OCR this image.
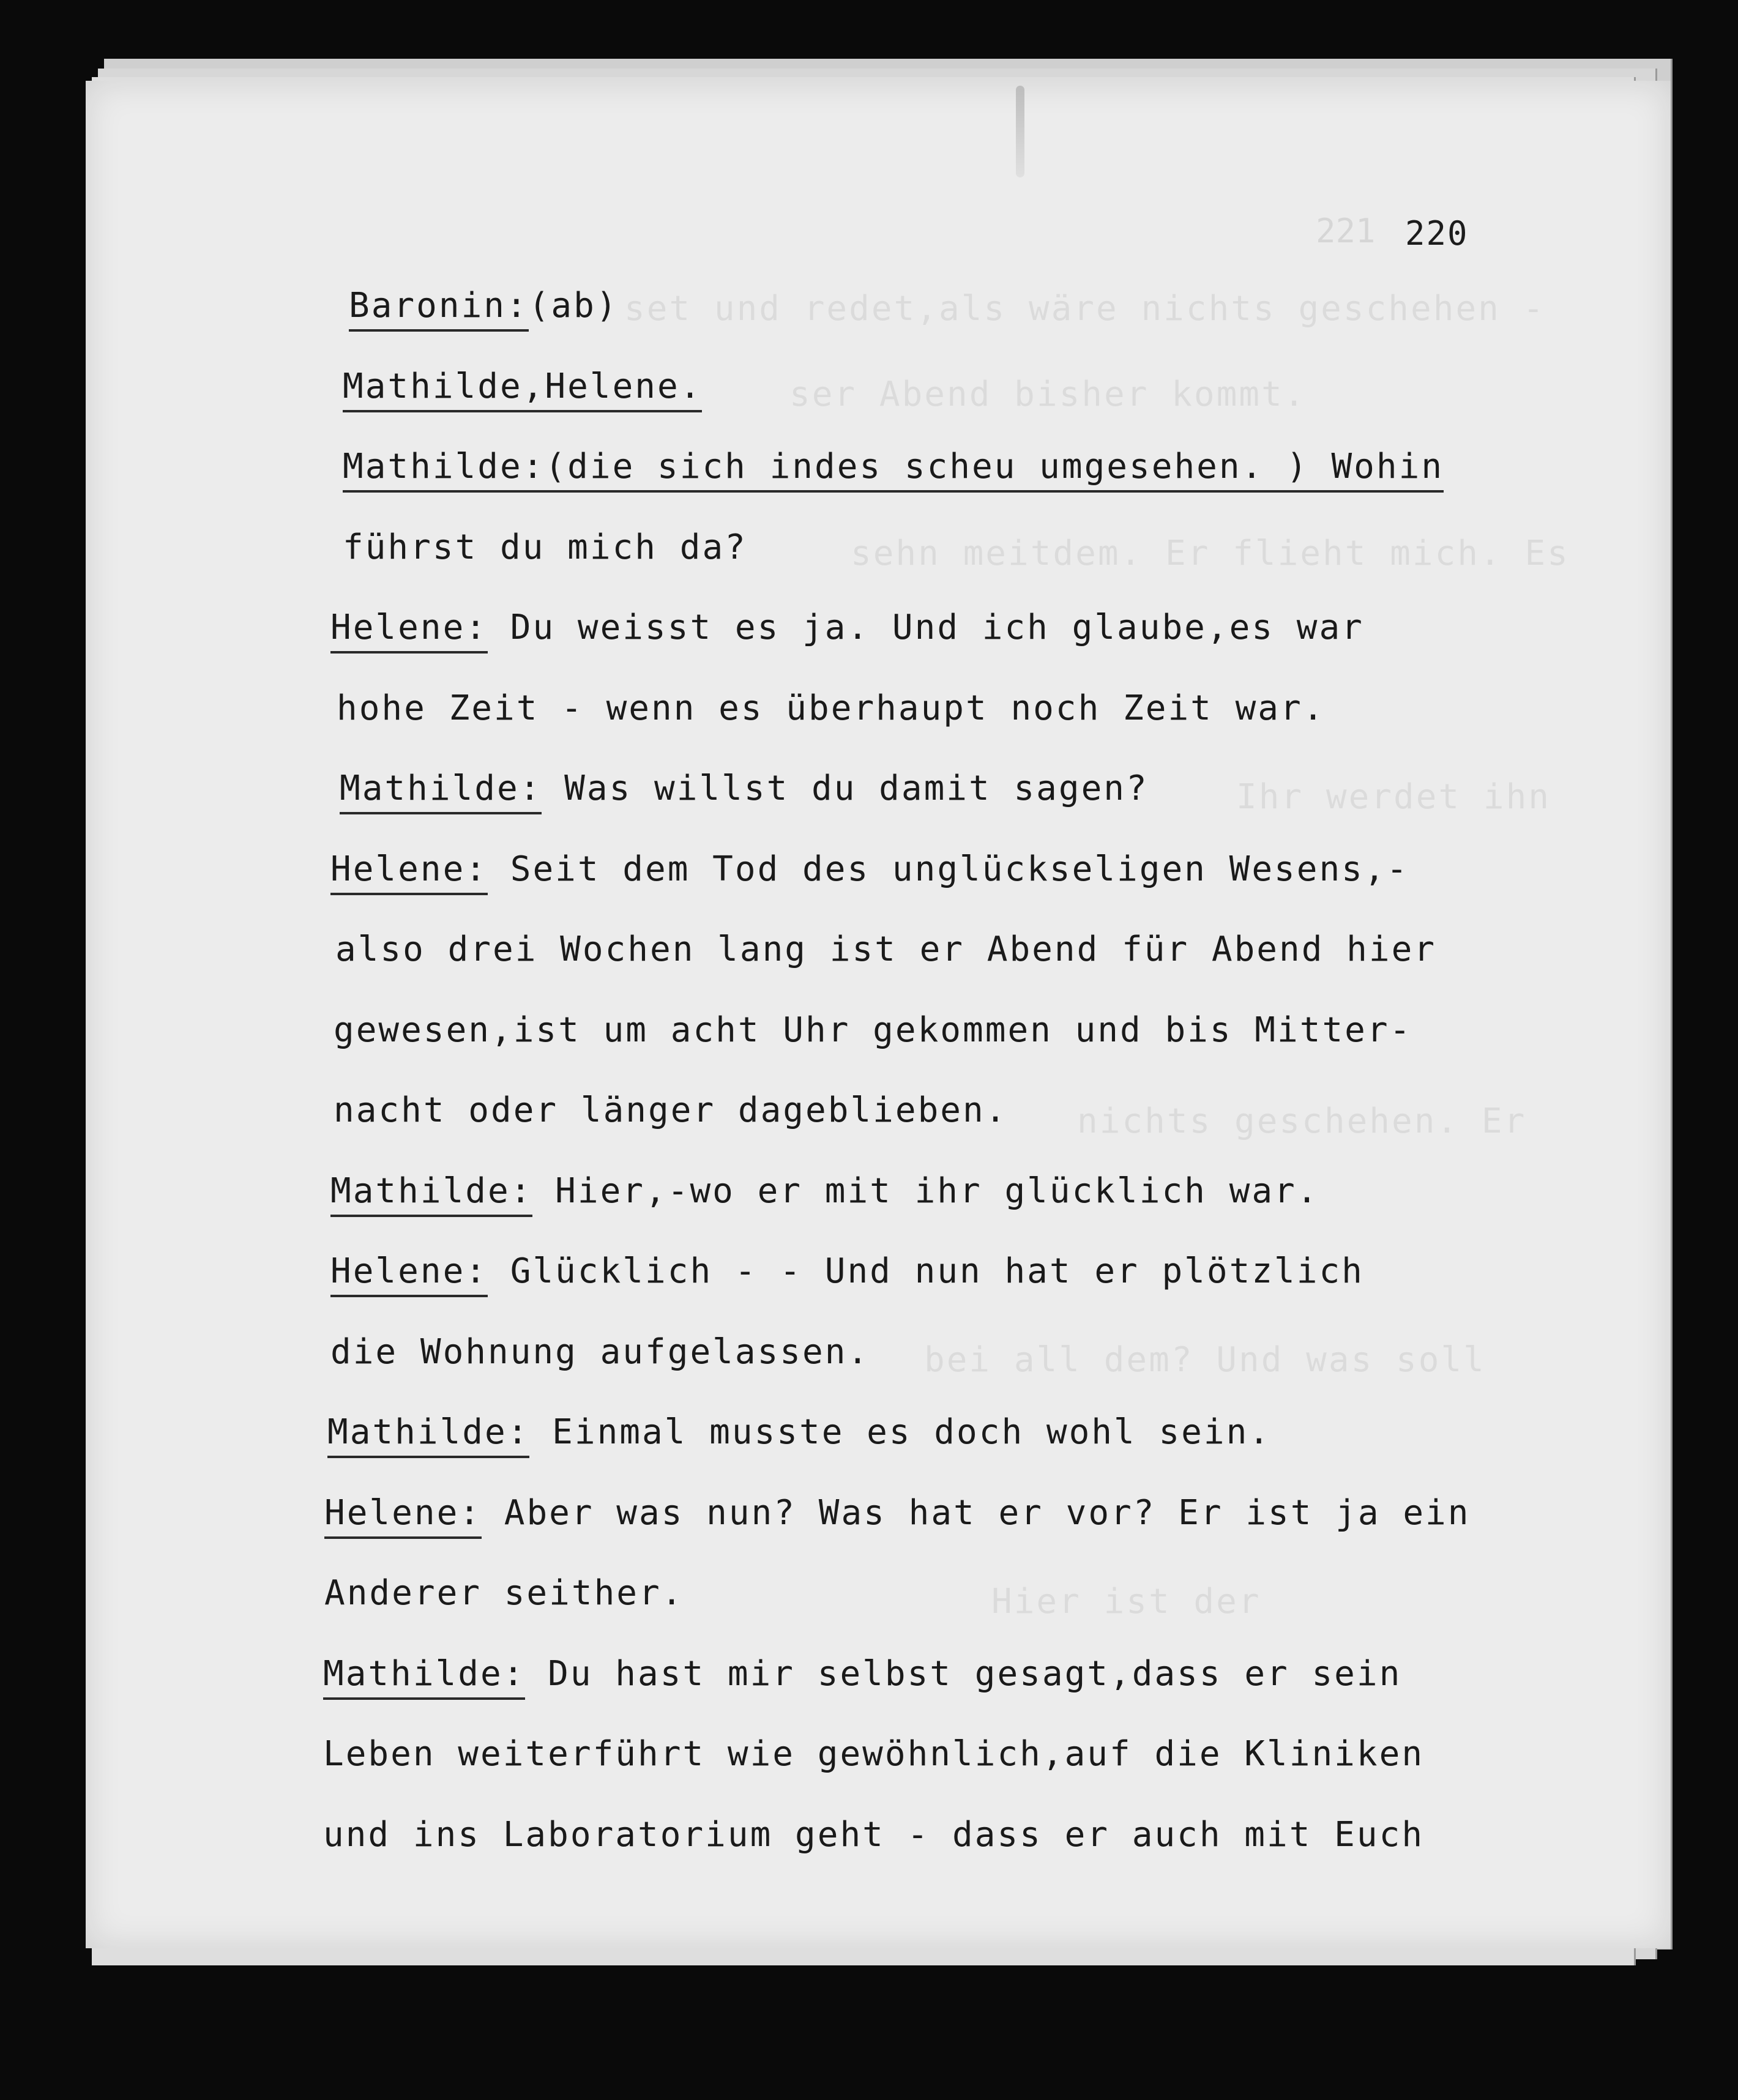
221 220
set und redet,als wäre nichts geschehen -
ser Abend bisher kommt.
sehn meitdem. Er flieht mich. Es
Ihr werdet ihn
nichts geschehen. Er
bei all dem? Und was soll
Hier ist der
Baronin:(ab)
Mathilde,Helene.
Mathilde:(die sich indes scheu umgesehen. ) Wohin
führst du mich da?
Helene: Du weisst es ja. Und ich glaube,es war
hohe Zeit - wenn es überhaupt noch Zeit war.
Mathilde: Was willst du damit sagen?
Helene: Seit dem Tod des unglückseligen Wesens,-
also drei Wochen lang ist er Abend für Abend hier
gewesen,ist um acht Uhr gekommen und bis Mitter-
nacht oder länger dageblieben.
Mathilde: Hier,-wo er mit ihr glücklich war.
Helene: Glücklich - - Und nun hat er plötzlich
die Wohnung aufgelassen.
Mathilde: Einmal musste es doch wohl sein.
Helene: Aber was nun? Was hat er vor? Er ist ja ein
Anderer seither.
Mathilde: Du hast mir selbst gesagt,dass er sein
Leben weiterführt wie gewöhnlich,auf die Kliniken
und ins Laboratorium geht - dass er auch mit Euch
